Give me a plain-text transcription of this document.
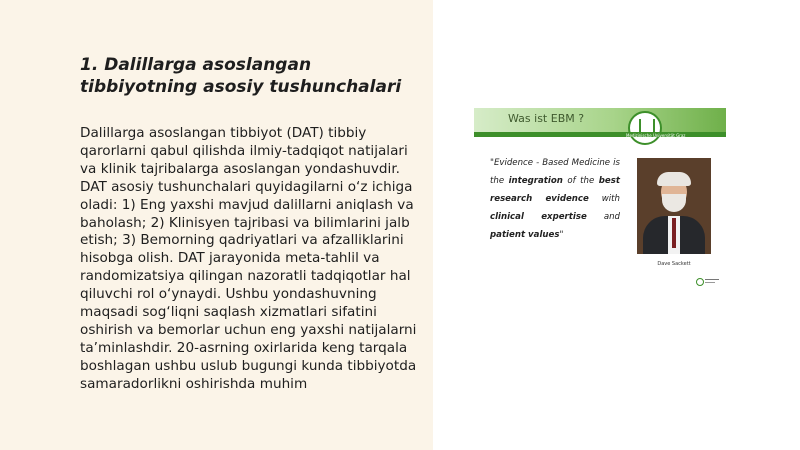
1. Dalillarga asoslangan tibbiyotning asosiy tushunchalari

Dalillarga asoslangan tibbiyot (DAT) tibbiy qarorlarni qabul qilishda ilmiy-tadqiqot natijalari va klinik tajribalarga asoslangan yondashuvdir. DAT asosiy tushunchalari quyidagilarni o‘z ichiga oladi: 1) Eng yaxshi mavjud dalillarni aniqlash va baholash; 2) Klinisyen tajribasi va bilimlarini jalb etish; 3) Bemorning qadriyatlari va afzalliklarini hisobga olish. DAT jarayonida meta-tahlil va randomizatsiya qilingan nazoratli tadqiqotlar hal qiluvchi rol o‘ynaydi. Ushbu yondashuvning maqsadi sog‘liqni saqlash xizmatlari sifatini oshirish va bemorlar uchun eng yaxshi natijalarni ta’minlashdir. 20-asrning oxirlarida keng tarqala boshlagan ushbu uslub bugungi kunda tibbiyotda samaradorlikni oshirishda muhim

Was ist EBM ?
Medizinische Universität Graz

"Evidence - Based Medicine is the integration of the best research evidence with clinical expertise and patient values"

Dave Sackett
